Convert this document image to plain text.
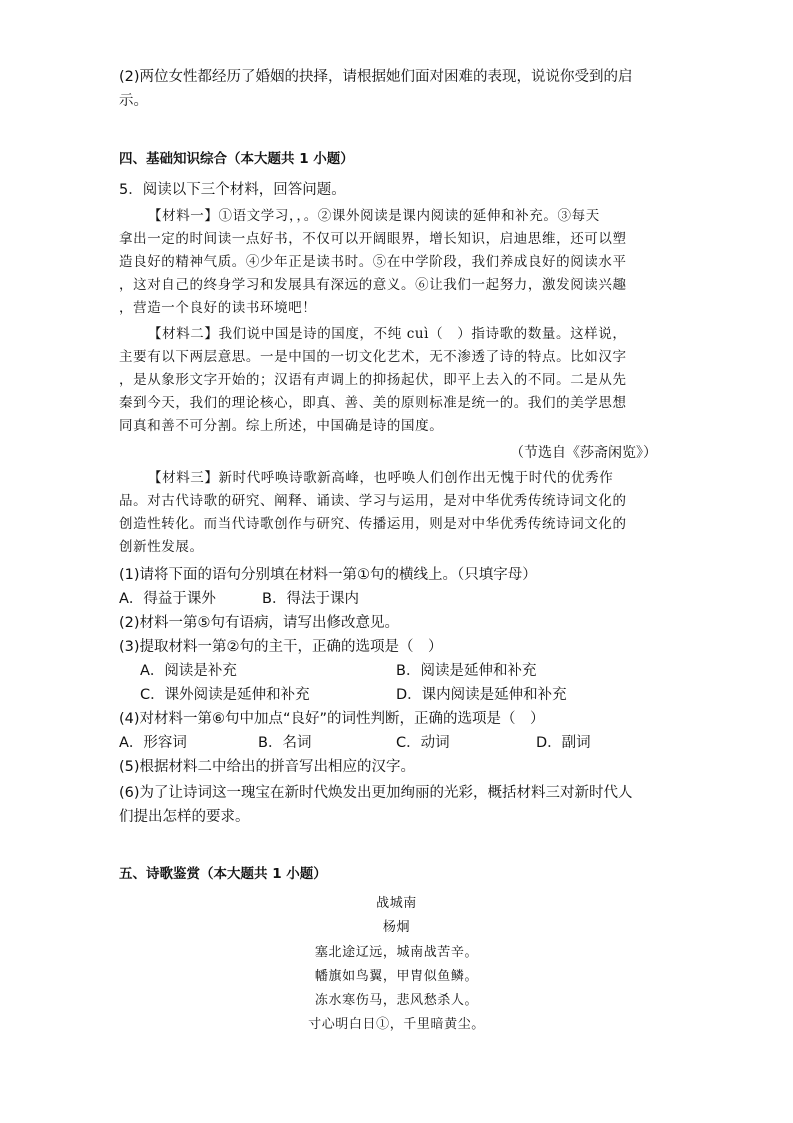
(2)两位女性都经历了婚姻的抉择，请根据她们面对困难的表现，说说你受到的启
示。
四、基础知识综合（本大题共 1 小题）
5．阅读以下三个材料，回答问题。
【材料一】①语文学习，，。②课外阅读是课内阅读的延伸和补充。③每天
拿出一定的时间读一点好书，不仅可以开阔眼界，增长知识，启迪思维，还可以塑
造良好的精神气质。④少年正是读书时。⑤在中学阶段，我们养成良好的阅读水平
，这对自己的终身学习和发展具有深远的意义。⑥让我们一起努力，激发阅读兴趣
，营造一个良好的读书环境吧！
【材料二】我们说中国是诗的国度，不纯 cuì（　）指诗歌的数量。这样说，
主要有以下两层意思。一是中国的一切文化艺术，无不渗透了诗的特点。比如汉字
，是从象形文字开始的；汉语有声调上的抑扬起伏，即平上去入的不同。二是从先
秦到今天，我们的理论核心，即真、善、美的原则标准是统一的。我们的美学思想
同真和善不可分割。综上所述，中国确是诗的国度。
（节选自《莎斋闲览》）
【材料三】新时代呼唤诗歌新高峰，也呼唤人们创作出无愧于时代的优秀作
品。对古代诗歌的研究、阐释、诵读、学习与运用，是对中华优秀传统诗词文化的
创造性转化。而当代诗歌创作与研究、传播运用，则是对中华优秀传统诗词文化的
创新性发展。
(1)请将下面的语句分别填在材料一第①句的横线上。（只填字母）
A．得益于课外	B．得法于课内
(2)材料一第⑤句有语病，请写出修改意见。
(3)提取材料一第②句的主干，正确的选项是（　）
A．阅读是补充	B．阅读是延伸和补充
C．课外阅读是延伸和补充	D．课内阅读是延伸和补充
(4)对材料一第⑥句中加点“良好”的词性判断，正确的选项是（　）
A．形容词	B．名词	C．动词	D．副词
(5)根据材料二中给出的拼音写出相应的汉字。
(6)为了让诗词这一瑰宝在新时代焕发出更加绚丽的光彩，概括材料三对新时代人
们提出怎样的要求。
五、诗歌鉴赏（本大题共 1 小题）
战城南
杨炯
塞北途辽远，城南战苦辛。
幡旗如鸟翼，甲胄似鱼鳞。
冻水寒伤马，悲风愁杀人。
寸心明白日①，千里暗黄尘。
